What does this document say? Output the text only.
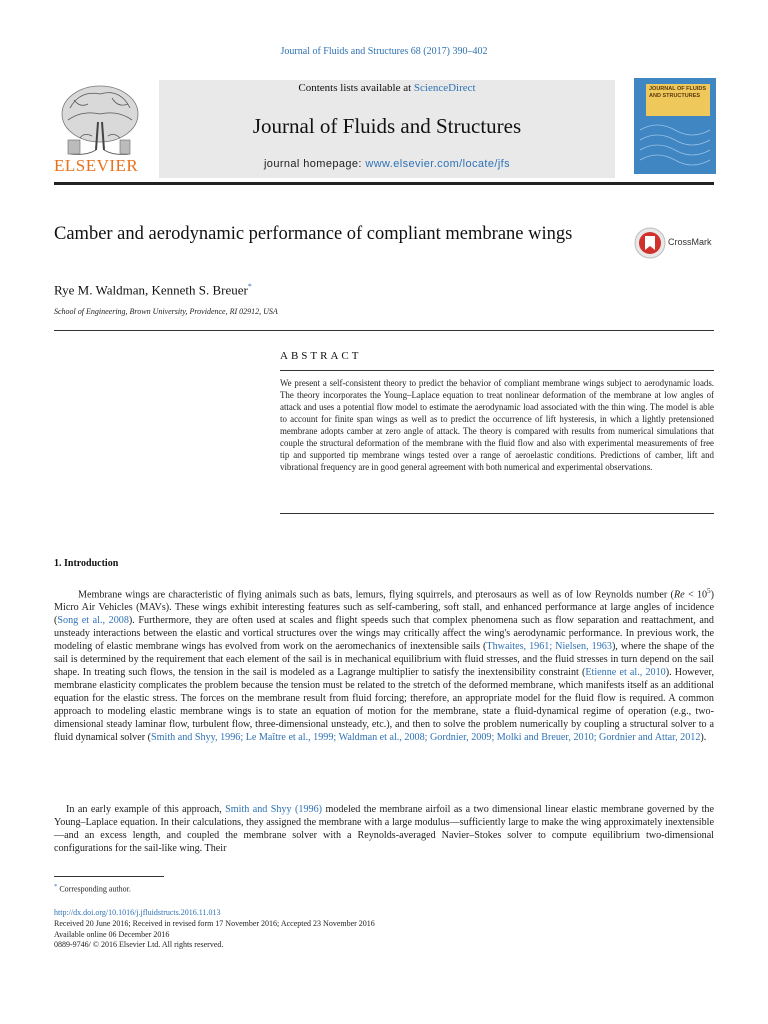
Journal of Fluids and Structures 68 (2017) 390–402
ELSEVIER
Contents lists available at ScienceDirect
Journal of Fluids and Structures
journal homepage: www.elsevier.com/locate/jfs
JOURNAL OF FLUIDS AND STRUCTURES
Camber and aerodynamic performance of compliant membrane wings	CrossMark
Rye M. Waldman, Kenneth S. Breuer*
School of Engineering, Brown University, Providence, RI 02912, USA
ABSTRACT
We present a self-consistent theory to predict the behavior of compliant membrane wings subject to aerodynamic loads. The theory incorporates the Young–Laplace equation to treat nonlinear deformation of the membrane at low angles of attack and uses a potential flow model to estimate the aerodynamic load associated with the thin wing. The model is able to account for finite span wings as well as to predict the occurrence of lift hysteresis, in which a lightly pretensioned membrane adopts camber at zero angle of attack. The theory is compared with results from numerical simulations that couple the structural deformation of the membrane with the fluid flow and also with experimental measurements of free tip and supported tip membrane wings tested over a range of aeroelastic conditions. Predictions of camber, lift and vibrational frequency are in good general agreement with both numerical and experimental observations.
1. Introduction
Membrane wings are characteristic of flying animals such as bats, lemurs, flying squirrels, and pterosaurs as well as of low Reynolds number $(Re < 10^5)$ Micro Air Vehicles (MAVs). These wings exhibit interesting features such as self-cambering, soft stall, and enhanced performance at large angles of incidence (Song et al., 2008). Furthermore, they are often used at scales and flight speeds such that complex phenomena such as flow separation and reattachment, and unsteady interactions between the elastic and vortical structures over the wings may critically affect the wing's aerodynamic performance. In previous work, the modeling of elastic membrane wings has evolved from work on the aeromechanics of inextensible sails (Thwaites, 1961; Nielsen, 1963), where the shape of the sail is determined by the requirement that each element of the sail is in mechanical equilibrium with fluid stresses, and the fluid stresses in turn depend on the sail shape. In treating such flows, the tension in the sail is modeled as a Lagrange multiplier to satisfy the inextensibility constraint (Etienne et al., 2010). However, membrane elasticity complicates the problem because the tension must be related to the stretch of the deformed membrane, which manifests itself as an additional equation for the elastic stress. The forces on the membrane result from fluid forcing; therefore, an appropriate model for the fluid flow is required. A common approach to modeling elastic membrane wings is to state an equation of motion for the membrane, state a fluid-dynamical regime of operation (e.g., two-dimensional steady laminar flow, turbulent flow, three-dimensional unsteady, etc.), and then to solve the problem numerically by coupling a structural solver to a fluid dynamical solver (Smith and Shyy, 1996; Le Maître et al., 1999; Waldman et al., 2008; Gordnier, 2009; Molki and Breuer, 2010; Gordnier and Attar, 2012).
In an early example of this approach, Smith and Shyy (1996) modeled the membrane airfoil as a two dimensional linear elastic membrane governed by the Young–Laplace equation. In their calculations, they assigned the membrane with a large modulus—sufficiently large to make the wing approximately inextensible—and an excess length, and coupled the membrane solver with a Reynolds-averaged Navier–Stokes solver to compute equilibrium two-dimensional configurations for the sail-like wing. Their
* Corresponding author.
http://dx.doi.org/10.1016/j.jfluidstructs.2016.11.013
Received 20 June 2016; Received in revised form 17 November 2016; Accepted 23 November 2016
Available online 06 December 2016
0889-9746/ © 2016 Elsevier Ltd. All rights reserved.
